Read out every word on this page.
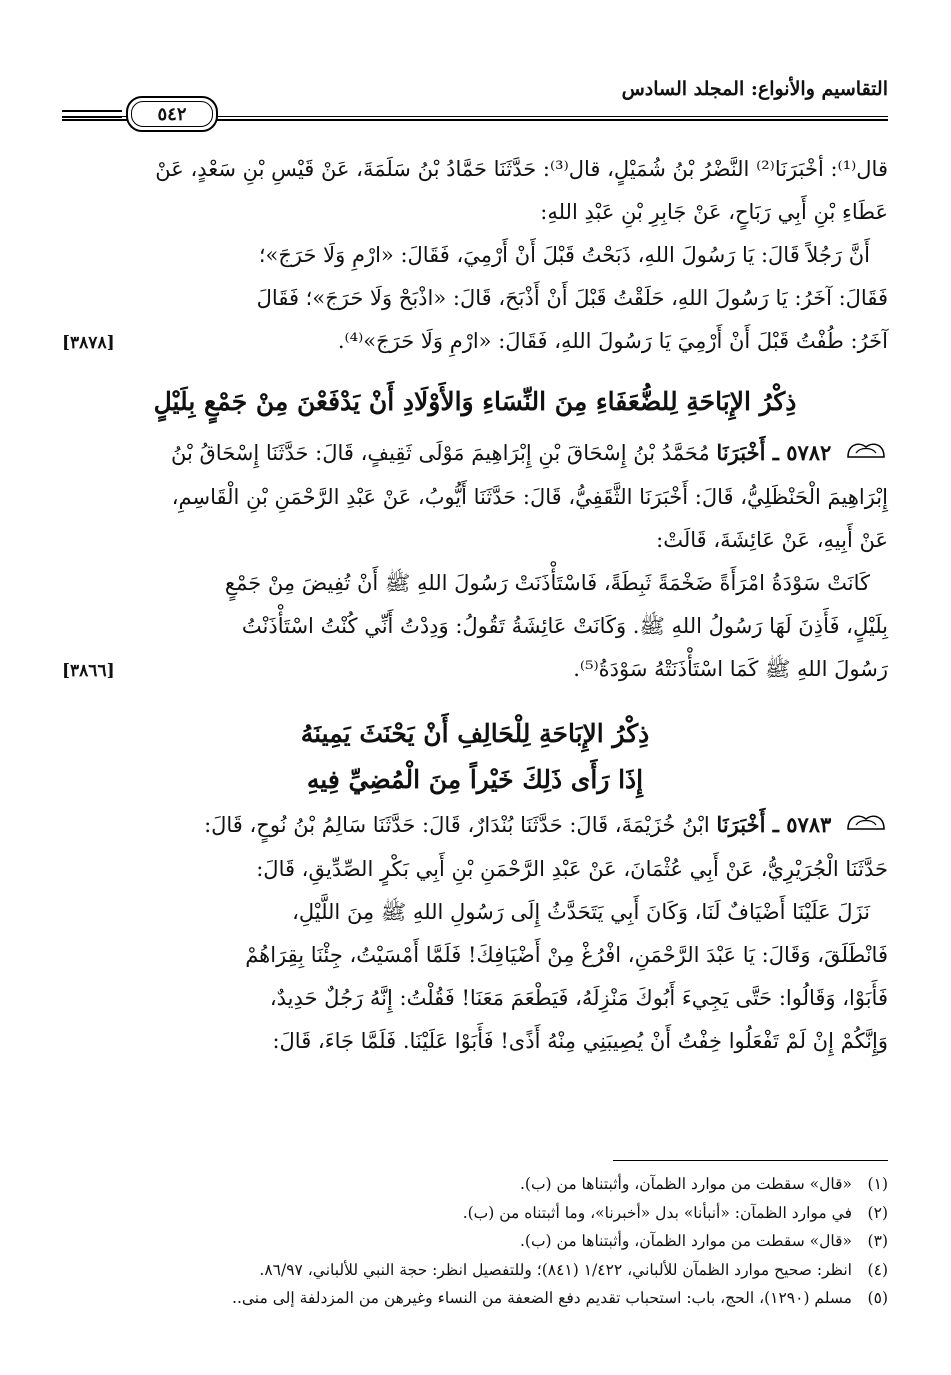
التقاسيم والأنواع: المجلد السادس
٥٤٢

قال⁽¹⁾: أخْبَرَنَا⁽²⁾ النَّضْرُ بْنُ شُمَيْلٍ، قال⁽³⁾: حَدَّثَنَا حَمَّادُ بْنُ سَلَمَةَ، عَنْ قَيْسِ بْنِ سَعْدٍ، عَنْ

عَطَاءِ بْنِ أَبِي رَبَاحٍ، عَنْ جَابِرِ بْنِ عَبْدِ اللهِ:

أَنَّ رَجُلاً قَالَ: يَا رَسُولَ اللهِ، ذَبَحْتُ قَبْلَ أَنْ أَرْمِيَ، فَقَالَ: «ارْمِ وَلَا حَرَجَ»؛

فَقَالَ: آخَرُ: يَا رَسُولَ اللهِ، حَلَقْتُ قَبْلَ أَنْ أَذْبَحَ، قَالَ: «اذْبَحْ وَلَا حَرَجَ»؛ فَقَالَ

آخَرُ: طُفْتُ قَبْلَ أَنْ أَرْمِيَ يَا رَسُولَ اللهِ، فَقَالَ: «ارْمِ وَلَا حَرَجَ»⁽⁴⁾.
[٣٨٧٨]

ذِكْرُ الإِبَاحَةِ لِلضُّعَفَاءِ مِنَ النِّسَاءِ وَالأَوْلَادِ أَنْ يَدْفَعْنَ مِنْ جَمْعٍ بِلَيْلٍ

٥٧٨٢ ـ أَخْبَرَنَا مُحَمَّدُ بْنُ إِسْحَاقَ بْنِ إِبْرَاهِيمَ مَوْلَى ثَقِيفٍ، قَالَ: حَدَّثَنَا إِسْحَاقُ بْنُ

إِبْرَاهِيمَ الْحَنْظَلِيُّ، قَالَ: أَخْبَرَنَا الثَّقَفِيُّ، قَالَ: حَدَّثَنَا أَيُّوبُ، عَنْ عَبْدِ الرَّحْمَنِ بْنِ الْقَاسِمِ،

عَنْ أَبِيهِ، عَنْ عَائِشَةَ، قَالَتْ:

كَانَتْ سَوْدَةُ امْرَأَةً ضَخْمَةً ثَبِطَةً، فَاسْتَأْذَنَتْ رَسُولَ اللهِ ﷺ أَنْ تُفِيضَ مِنْ جَمْعٍ

بِلَيْلٍ، فَأَذِنَ لَهَا رَسُولُ اللهِ ﷺ. وَكَانَتْ عَائِشَةُ تَقُولُ: وَدِدْتُ أَنِّي كُنْتُ اسْتَأْذَنْتُ

رَسُولَ اللهِ ﷺ كَمَا اسْتَأْذَنَتْهُ سَوْدَةُ⁽⁵⁾.
[٣٨٦٦]

ذِكْرُ الإِبَاحَةِ لِلْحَالِفِ أَنْ يَحْنَثَ يَمِينَهُ
إِذَا رَأَى ذَلِكَ خَيْراً مِنَ الْمُضِيِّ فِيهِ

٥٧٨٣ ـ أَخْبَرَنَا ابْنُ خُزَيْمَةَ، قَالَ: حَدَّثَنَا بُنْدَارٌ، قَالَ: حَدَّثَنَا سَالِمُ بْنُ نُوحٍ، قَالَ:

حَدَّثَنَا الْجُرَيْرِيُّ، عَنْ أَبِي عُثْمَانَ، عَنْ عَبْدِ الرَّحْمَنِ بْنِ أَبِي بَكْرٍ الصِّدِّيقِ، قَالَ:

نَزَلَ عَلَيْنَا أَضْيَافٌ لَنَا، وَكَانَ أَبِي يَتَحَدَّثُ إِلَى رَسُولِ اللهِ ﷺ مِنَ اللَّيْلِ،

فَانْطَلَقَ، وَقَالَ: يَا عَبْدَ الرَّحْمَنِ، افْرُغْ مِنْ أَضْيَافِكَ! فَلَمَّا أَمْسَيْتُ، جِئْنَا بِقِرَاهُمْ

فَأَبَوْا، وَقَالُوا: حَتَّى يَجِيءَ أَبُوكَ مَنْزِلَهُ، فَيَطْعَمَ مَعَنَا! فَقُلْتُ: إِنَّهُ رَجُلٌ حَدِيدٌ،

وَإِنَّكُمْ إِنْ لَمْ تَفْعَلُوا خِفْتُ أَنْ يُصِيبَنِي مِنْهُ أَذًى! فَأَبَوْا عَلَيْنَا. فَلَمَّا جَاءَ، قَالَ:

(١)
«قال» سقطت من موارد الظمآن، وأثبتناها من (ب).
(٢)
في موارد الظمآن: «أنبأنا» بدل «أخبرنا»، وما أثبتناه من (ب).
(٣)
«قال» سقطت من موارد الظمآن، وأثبتناها من (ب).
(٤)
انظر: صحيح موارد الظمآن للألباني، ١/٤٢٢ (٨٤١)؛ وللتفصيل انظر: حجة النبي للألباني، ٨٦/٩٧.
(٥)
مسلم (١٢٩٠)، الحج، باب: استحباب تقديم دفع الضعفة من النساء وغيرهن من المزدلفة إلى منى..
